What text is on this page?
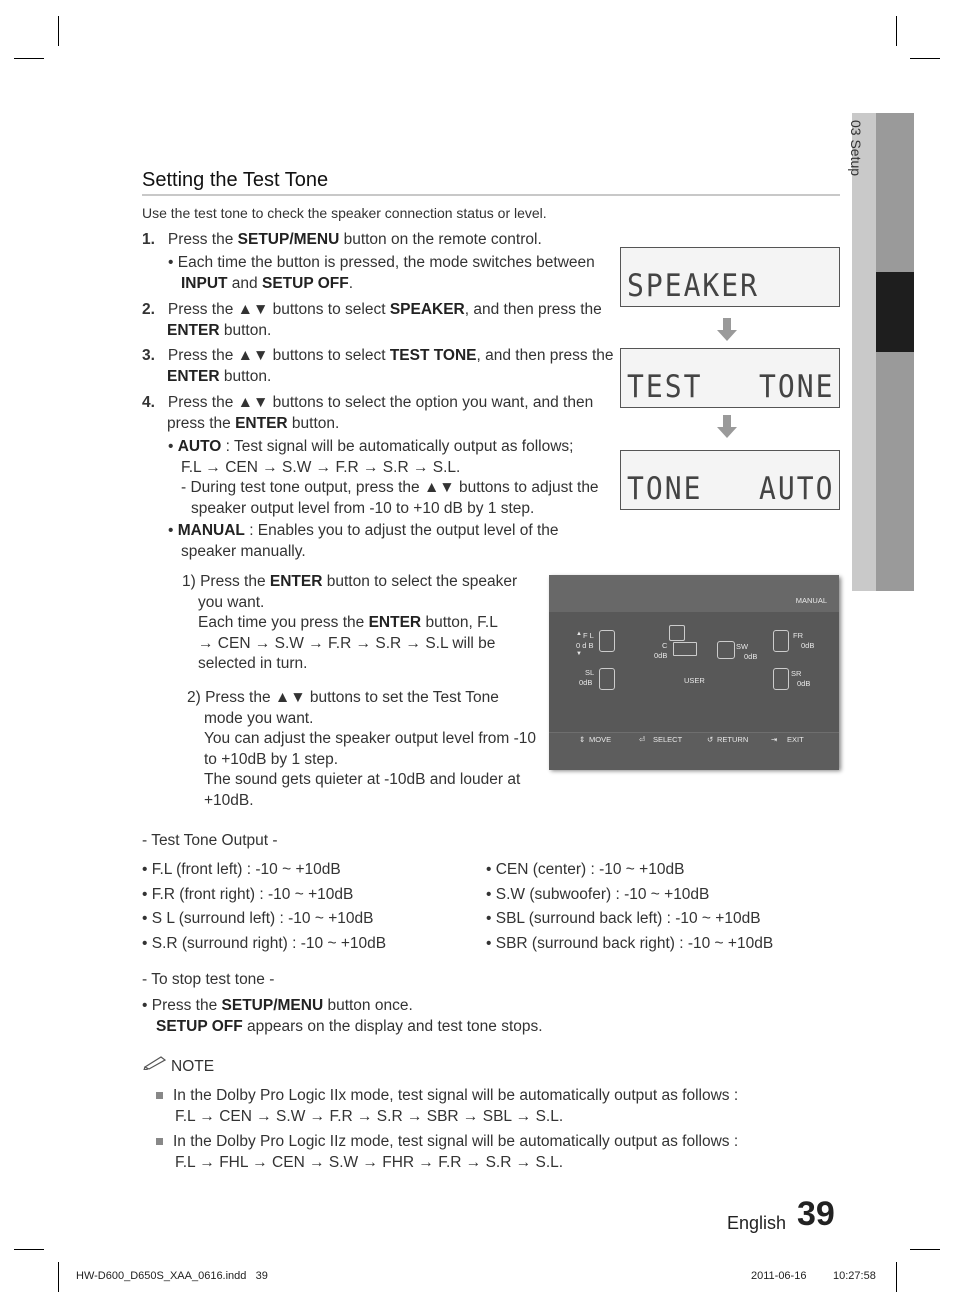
03 Setup
Setting the Test Tone
Use the test tone to check the speaker connection status or level.
1. Press the SETUP/MENU button on the remote control.
• Each time the button is pressed, the mode switches between INPUT and SETUP OFF.
2. Press the ▲▼ buttons to select SPEAKER, and then press the ENTER button.
3. Press the ▲▼ buttons to select TEST TONE, and then press the ENTER button.
4. Press the ▲▼ buttons to select the option you want, and then press the ENTER button.
• AUTO : Test signal will be automatically output as follows;
F.L → CEN → S.W → F.R → S.R → S.L.
- During test tone output, press the ▲▼ buttons to adjust the
speaker output level from -10 to +10 dB by 1 step.
• MANUAL : Enables you to adjust the output level of the
speaker manually.
1) Press the ENTER button to select the speaker
you want.
Each time you press the ENTER button, F.L
→ CEN → S.W → F.R → S.R → S.L will be
selected in turn.
2) Press the ▲▼ buttons to set the Test Tone
mode you want.
You can adjust the speaker output level from -10
to +10dB by 1 step.
The sound gets quieter at -10dB and louder at
+10dB.
SPEAKER
TEST   TONE
TONE   AUTO
MANUAL
F L
▲
0 d B
▼
C
0dB
SW
0dB
FR
0dB
SL
0dB	USER
SR
0dB
⇕ MOVE	⏎ SELECT	↺ RETURN	⇥ EXIT
- Test Tone Output -
• F.L (front left) : -10 ~ +10dB
• F.R (front right) : -10 ~ +10dB
• S L (surround left) : -10 ~ +10dB
• S.R (surround right) : -10 ~ +10dB
• CEN (center) : -10 ~ +10dB
• S.W (subwoofer) : -10 ~ +10dB
• SBL (surround back left) : -10 ~ +10dB
• SBR (surround back right) : -10 ~ +10dB
- To stop test tone -
• Press the SETUP/MENU button once.
SETUP OFF appears on the display and test tone stops.
NOTE
In the Dolby Pro Logic IIx mode, test signal will be automatically output as follows :
F.L → CEN → S.W → F.R → S.R → SBR → SBL → S.L.
In the Dolby Pro Logic IIz mode, test signal will be automatically output as follows :
F.L → FHL → CEN → S.W → FHR → F.R → S.R → S.L.
English 39
HW-D600_D650S_XAA_0616.indd   39	2011-06-16 10:27:58
